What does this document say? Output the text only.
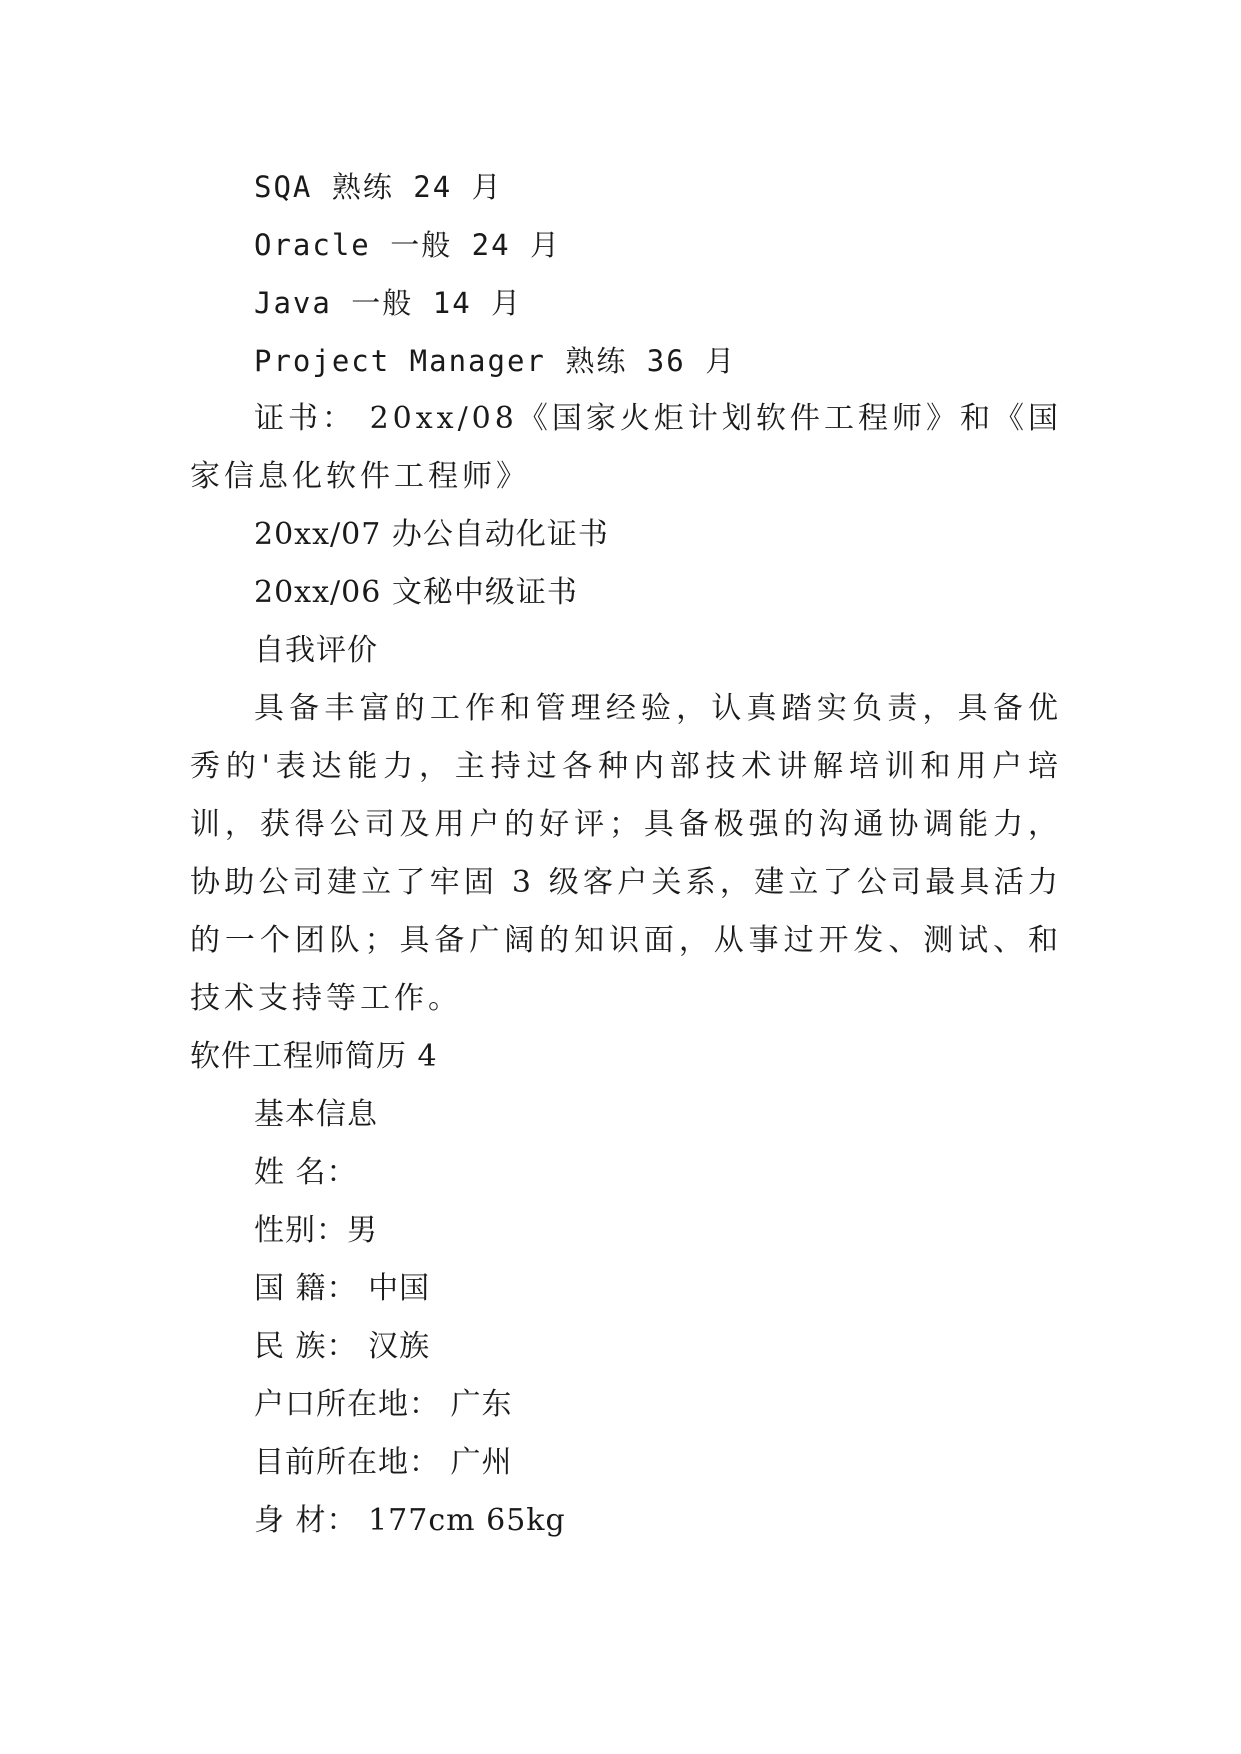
SQA 熟练 24 月
Oracle 一般 24 月
Java 一般 14 月
Project Manager 熟练 36 月

证书： 20xx/08《国家火炬计划软件工程师》和《国家信息化软件工程师》

20xx/07 办公自动化证书
20xx/06 文秘中级证书
自我评价

具备丰富的工作和管理经验，认真踏实负责，具备优秀的'表达能力，主持过各种内部技术讲解培训和用户培训，获得公司及用户的好评；具备极强的沟通协调能力，协助公司建立了牢固 3 级客户关系，建立了公司最具活力的一个团队；具备广阔的知识面，从事过开发、测试、和技术支持等工作。

软件工程师简历 4
基本信息
姓 名：
性别：男
国 籍： 中国
民 族： 汉族
户口所在地： 广东
目前所在地： 广州
身 材： 177cm 65kg
